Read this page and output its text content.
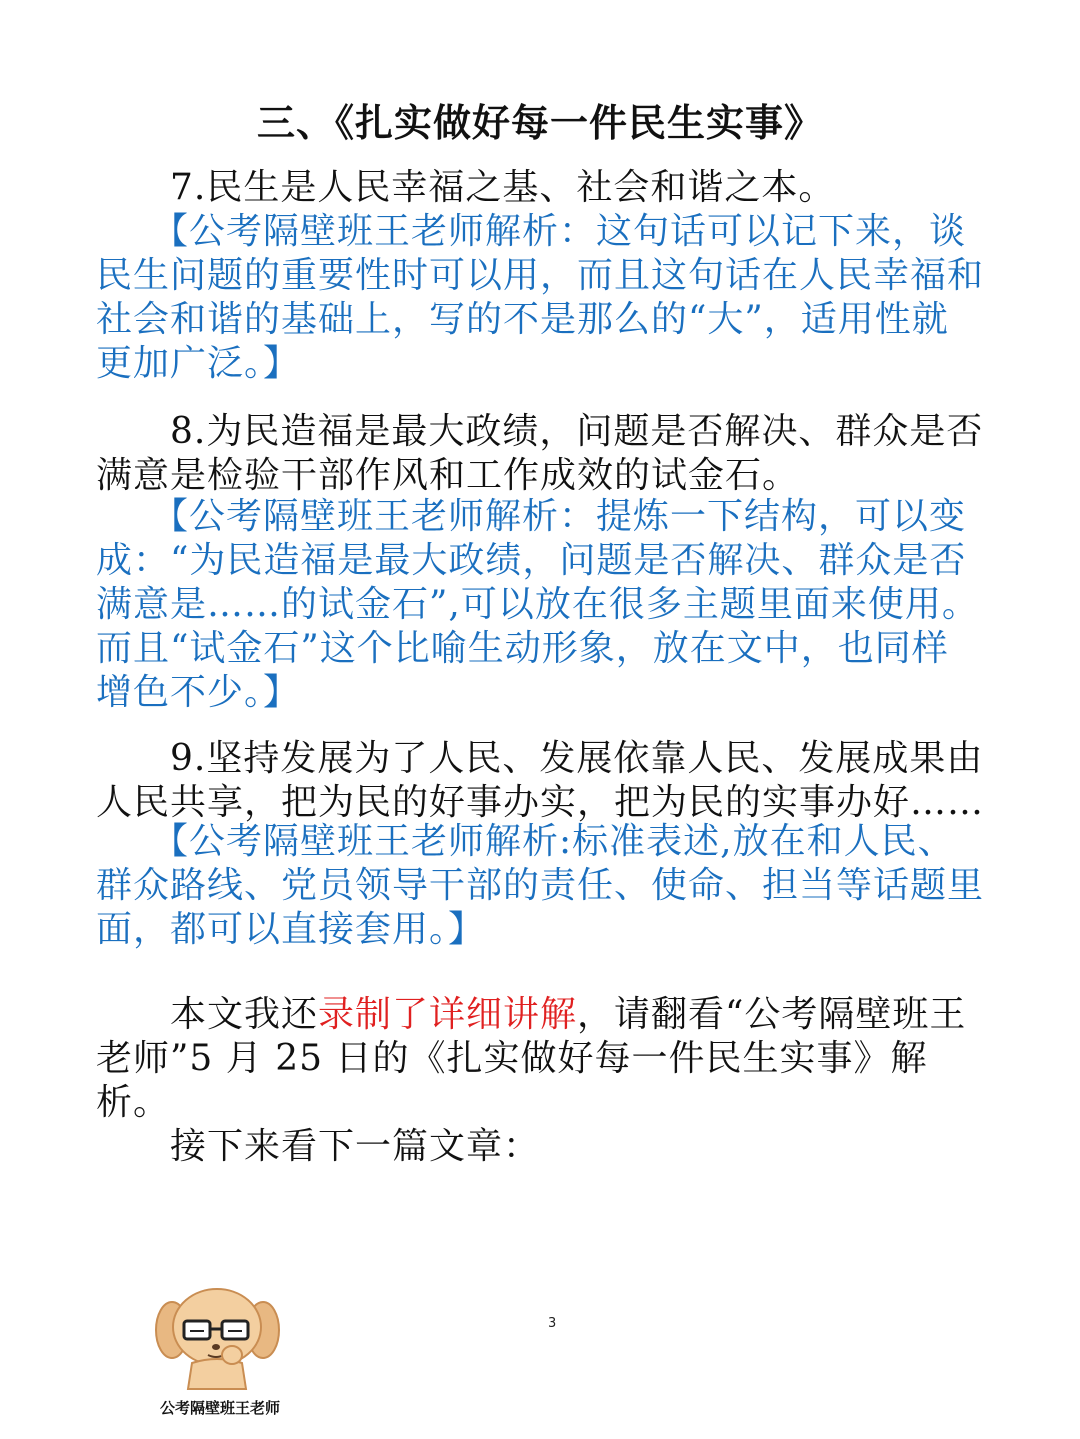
三、《扎实做好每一件民生实事》

　　7.民生是人民幸福之基、社会和谐之本。

　　【公考隔壁班王老师解析：这句话可以记下来，谈
民生问题的重要性时可以用，而且这句话在人民幸福和
社会和谐的基础上，写的不是那么的“大”，适用性就
更加广泛。】

　　8.为民造福是最大政绩，问题是否解决、群众是否
满意是检验干部作风和工作成效的试金石。

　　【公考隔壁班王老师解析：提炼一下结构，可以变
成：“为民造福是最大政绩，问题是否解决、群众是否
满意是……的试金石”,可以放在很多主题里面来使用。
而且“试金石”这个比喻生动形象，放在文中，也同样
增色不少。】

　　9.坚持发展为了人民、发展依靠人民、发展成果由
人民共享，把为民的好事办实，把为民的实事办好……

　　【公考隔壁班王老师解析:标准表述,放在和人民、
群众路线、党员领导干部的责任、使命、担当等话题里
面，都可以直接套用。】

　　本文我还录制了详细讲解，请翻看“公考隔壁班王
老师”5 月 25 日的《扎实做好每一件民生实事》解析。
　　接下来看下一篇文章：

3
公考隔壁班王老师
